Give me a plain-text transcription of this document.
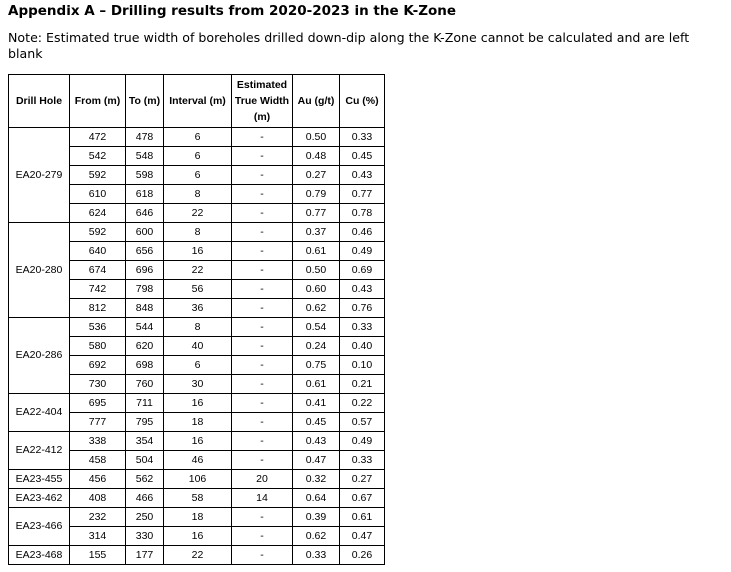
Appendix A – Drilling results from 2020-2023 in the K-Zone
Note: Estimated true width of boreholes drilled down-dip along the K-Zone cannot be calculated and are left blank
Drill Hole	From (m)	To (m)	Interval (m)	Estimated
True Width
(m)	Au (g/t)	Cu (%)
EA20-279	472	478	6	-	0.50	0.33
	542	548	6	-	0.48	0.45
	592	598	6	-	0.27	0.43
	610	618	8	-	0.79	0.77
	624	646	22	-	0.77	0.78
EA20-280	592	600	8	-	0.37	0.46
	640	656	16	-	0.61	0.49
	674	696	22	-	0.50	0.69
	742	798	56	-	0.60	0.43
	812	848	36	-	0.62	0.76
EA20-286	536	544	8	-	0.54	0.33
	580	620	40	-	0.24	0.40
	692	698	6	-	0.75	0.10
	730	760	30	-	0.61	0.21
EA22-404	695	711	16	-	0.41	0.22
	777	795	18	-	0.45	0.57
EA22-412	338	354	16	-	0.43	0.49
	458	504	46	-	0.47	0.33
EA23-455	456	562	106	20	0.32	0.27
EA23-462	408	466	58	14	0.64	0.67
EA23-466	232	250	18	-	0.39	0.61
	314	330	16	-	0.62	0.47
EA23-468	155	177	22	-	0.33	0.26
